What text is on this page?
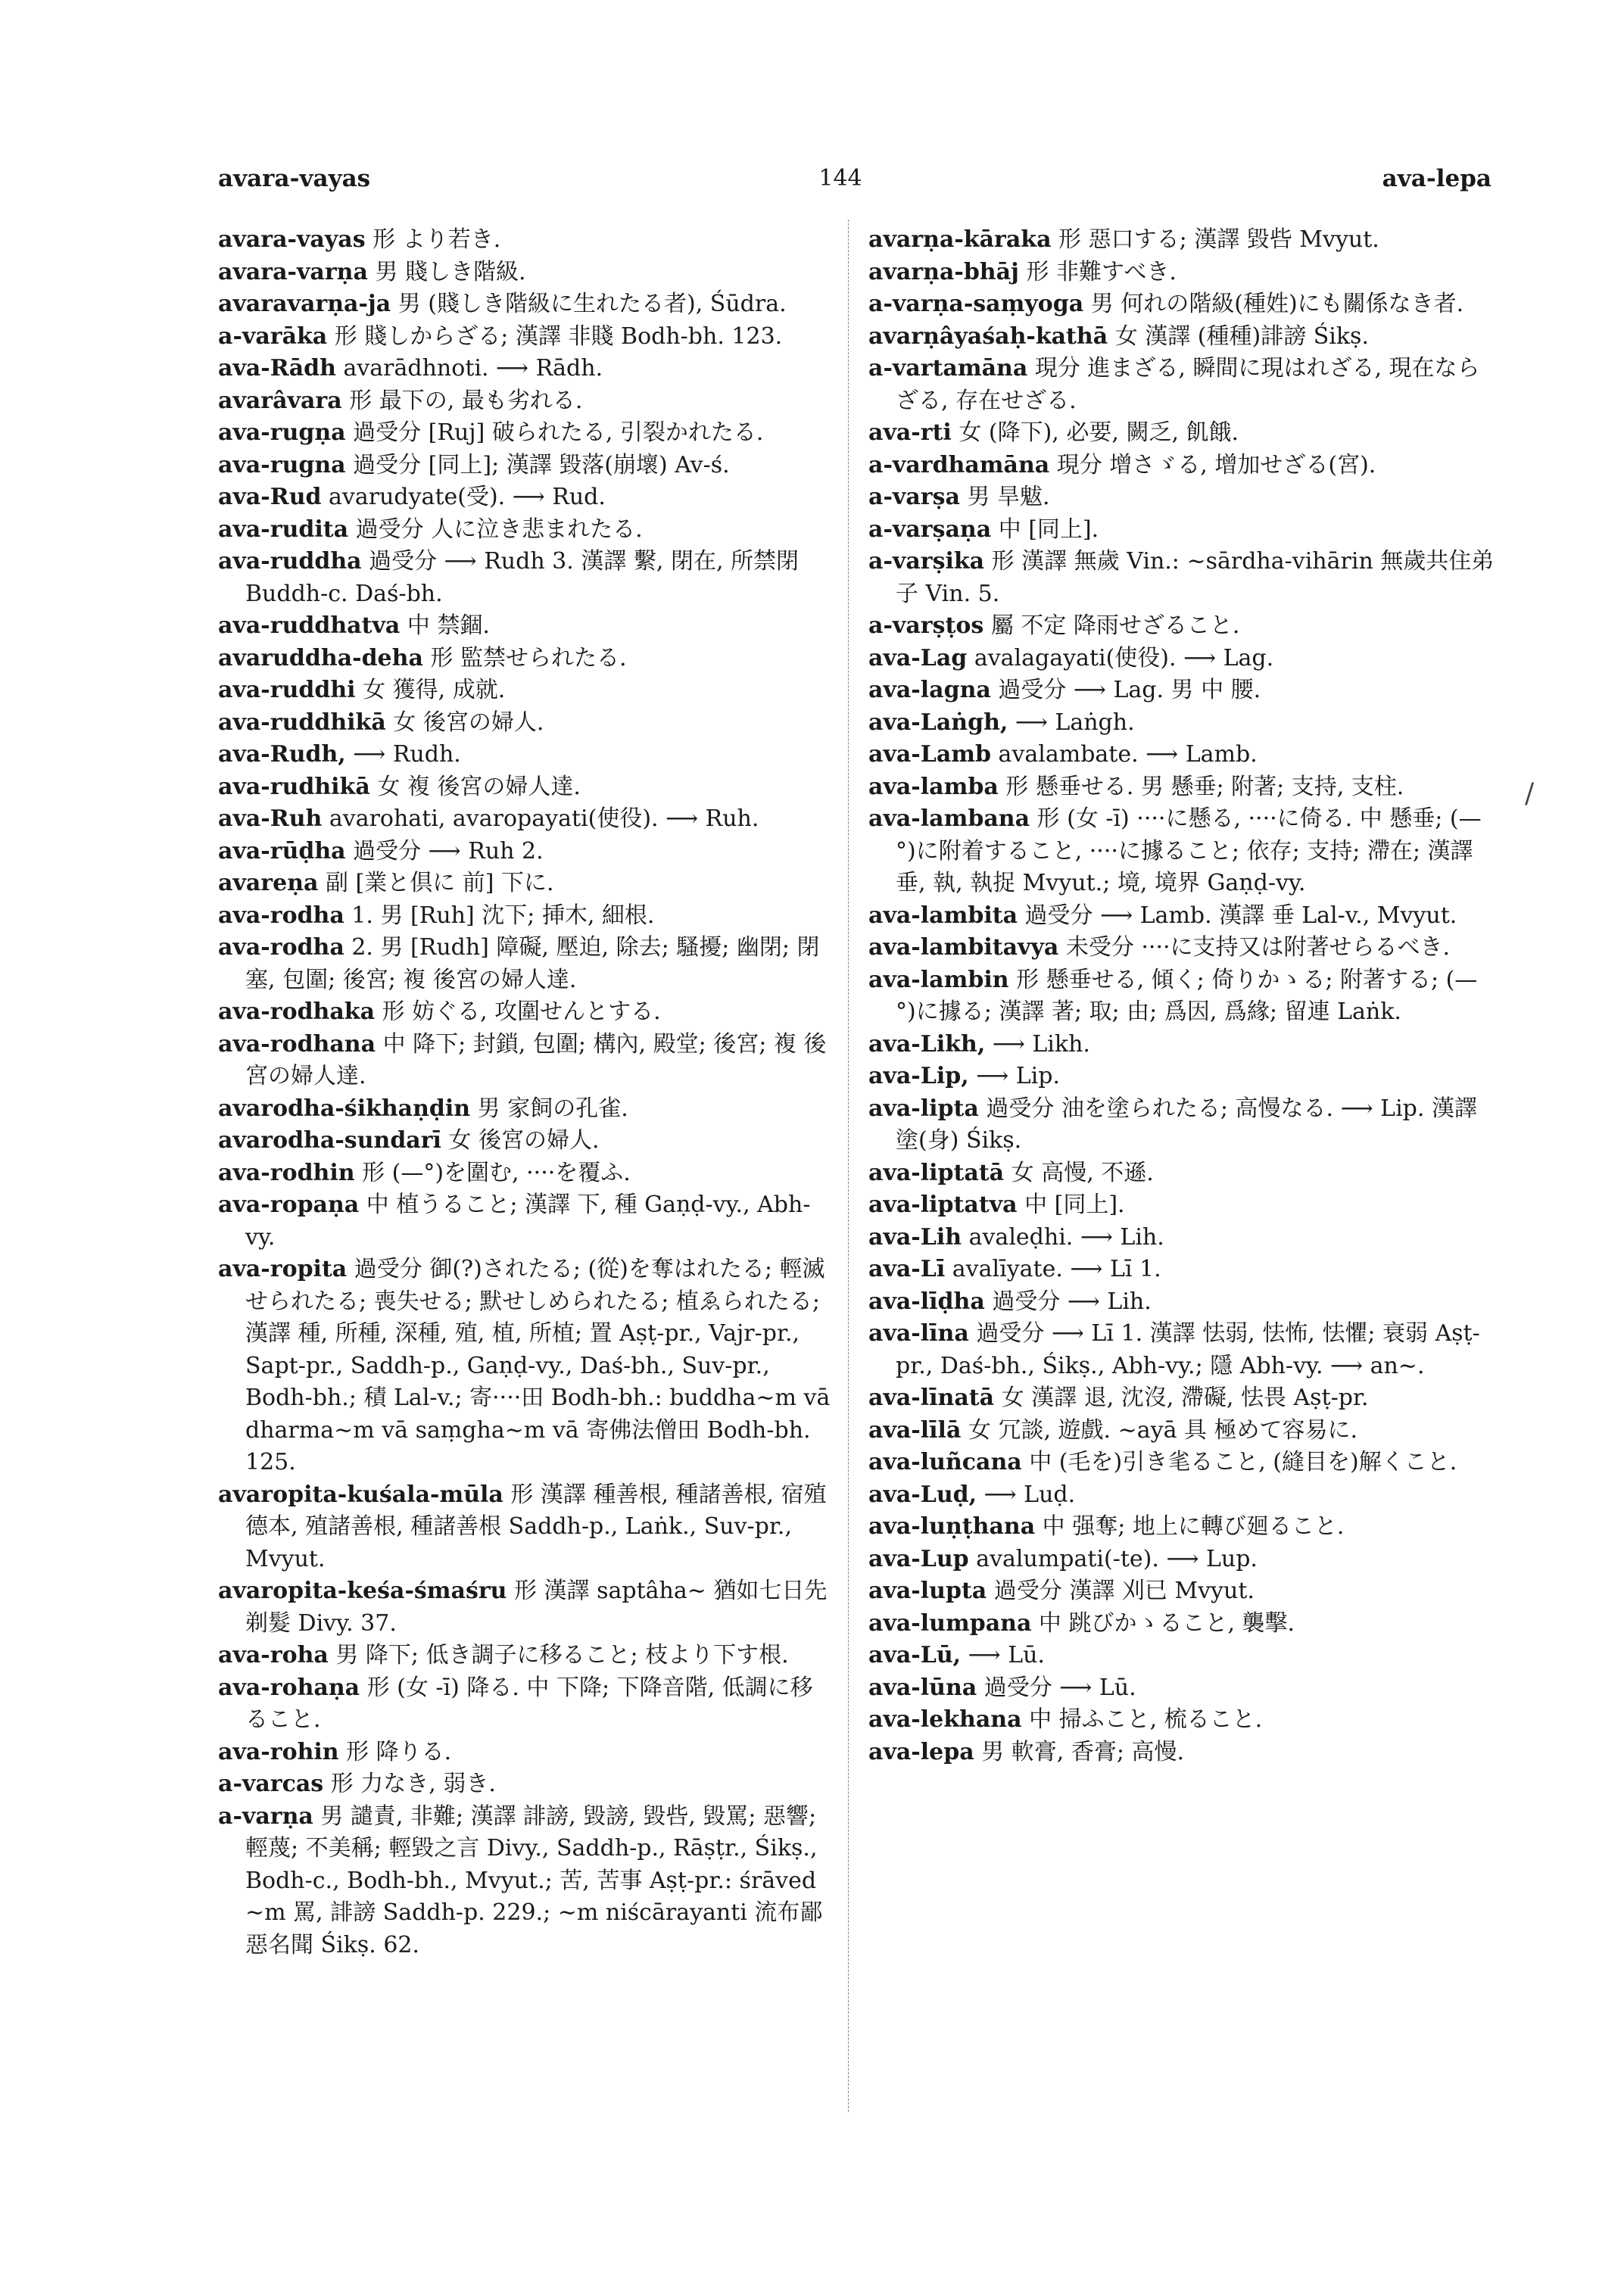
avara-vayas	144	ava-lepa
/

avara-vayas 形 より若き.

avara-varṇa 男 賤しき階級.

avaravarṇa-ja 男 (賤しき階級に生れたる者), Śūdra.

a-varāka 形 賤しからざる; 漢譯 非賤 Bodh-bh. 123.

ava-Rādh avarādhnoti. ⟶ Rādh.

avarâvara 形 最下の, 最も劣れる.

ava-rugṇa 過受分 [Ruj] 破られたる, 引裂かれたる.

ava-rugna 過受分 [同上]; 漢譯 毀落(崩壞) Av-ś.

ava-Rud avarudyate(受). ⟶ Rud.

ava-rudita 過受分 人に泣き悲まれたる.

ava-ruddha 過受分 ⟶ Rudh 3. 漢譯 繫, 閉在, 所禁閉 Buddh-c. Daś-bh.

ava-ruddhatva 中 禁錮.

avaruddha-deha 形 監禁せられたる.

ava-ruddhi 女 獲得, 成就.

ava-ruddhikā 女 後宮の婦人.

ava-Rudh, ⟶ Rudh.

ava-rudhikā 女 複 後宮の婦人達.

ava-Ruh avarohati, avaropayati(使役). ⟶ Ruh.

ava-rūḍha 過受分 ⟶ Ruh 2.

avareṇa 副 [業と倶に 前] 下に.

ava-rodha 1. 男 [Ruh] 沈下; 挿木, 細根.

ava-rodha 2. 男 [Rudh] 障礙, 壓迫, 除去; 騷擾; 幽閉; 閉塞, 包圍; 後宮; 複 後宮の婦人達.

ava-rodhaka 形 妨ぐる, 攻圍せんとする.

ava-rodhana 中 降下; 封鎖, 包圍; 構內, 殿堂; 後宮; 複 後宮の婦人達.

avarodha-śikhaṇḍin 男 家飼の孔雀.

avarodha-sundarī 女 後宮の婦人.

ava-rodhin 形 (—°)を圍む, ····を覆ふ.

ava-ropaṇa 中 植うること; 漢譯 下, 種 Gaṇḍ-vy., Abh-vy.

ava-ropita 過受分 御(?)されたる; (從)を奪はれたる; 輕滅せられたる; 喪失せる; 默せしめられたる; 植ゑられたる; 漢譯 種, 所種, 深種, 殖, 植, 所植; 置 Aṣṭ-pr., Vajr-pr., Sapt-pr., Saddh-p., Gaṇḍ-vy., Daś-bh., Suv-pr., Bodh-bh.; 積 Lal-v.; 寄····田 Bodh-bh.: buddha∼m vā dharma∼m vā saṃgha∼m vā 寄佛法僧田 Bodh-bh. 125.

avaropita-kuśala-mūla 形 漢譯 種善根, 種諸善根, 宿殖德本, 殖諸善根, 種諸善根 Saddh-p., Laṅk., Suv-pr., Mvyut.

avaropita-keśa-śmaśru 形 漢譯 saptâha∼ 猶如七日先剃髮 Divy. 37.

ava-roha 男 降下; 低き調子に移ること; 枝より下す根.

ava-rohaṇa 形 (女 -ī) 降る. 中 下降; 下降音階, 低調に移ること.

ava-rohin 形 降りる.

a-varcas 形 力なき, 弱き.

a-varṇa 男 譴責, 非難; 漢譯 誹謗, 毀謗, 毀呰, 毀罵; 惡響; 輕蔑; 不美稱; 輕毀之言 Divy., Saddh-p., Rāṣṭr., Śikṣ., Bodh-c., Bodh-bh., Mvyut.; 苦, 苦事 Aṣṭ-pr.: śrāved ∼m 罵, 誹謗 Saddh-p. 229.; ∼m niścārayanti 流布鄙惡名聞 Śikṣ. 62.

avarṇa-kāraka 形 惡口する; 漢譯 毀呰 Mvyut.

avarṇa-bhāj 形 非難すべき.

a-varṇa-saṃyoga 男 何れの階級(種姓)にも關係なき者.

avarṇâyaśaḥ-kathā 女 漢譯 (種種)誹謗 Śikṣ.

a-vartamāna 現分 進まざる, 瞬間に現はれざる, 現在ならざる, 存在せざる.

ava-rti 女 (降下), 必要, 闕乏, 飢餓.

a-vardhamāna 現分 增さゞる, 增加せざる(宮).

a-varṣa 男 旱魃.

a-varṣaṇa 中 [同上].

a-varṣika 形 漢譯 無歲 Vin.: ∼sārdha-vihārin 無歲共住弟子 Vin. 5.

a-varṣṭos 屬 不定 降雨せざること.

ava-Lag avalagayati(使役). ⟶ Lag.

ava-lagna 過受分 ⟶ Lag. 男 中 腰.

ava-Laṅgh, ⟶ Laṅgh.

ava-Lamb avalambate. ⟶ Lamb.

ava-lamba 形 懸垂せる. 男 懸垂; 附著; 支持, 支柱.

ava-lambana 形 (女 -ī) ····に懸る, ····に倚る. 中 懸垂; (—°)に附着すること, ····に據ること; 依存; 支持; 滯在; 漢譯 垂, 執, 執捉 Mvyut.; 境, 境界 Gaṇḍ-vy.

ava-lambita 過受分 ⟶ Lamb. 漢譯 垂 Lal-v., Mvyut.

ava-lambitavya 未受分 ····に支持又は附著せらるべき.

ava-lambin 形 懸垂せる, 傾く; 倚りかゝる; 附著する; (—°)に據る; 漢譯 著; 取; 由; 爲因, 爲緣; 留連 Laṅk.

ava-Likh, ⟶ Likh.

ava-Lip, ⟶ Lip.

ava-lipta 過受分 油を塗られたる; 高慢なる. ⟶ Lip. 漢譯 塗(身) Śikṣ.

ava-liptatā 女 高慢, 不遜.

ava-liptatva 中 [同上].

ava-Lih avaleḍhi. ⟶ Lih.

ava-Lī avalīyate. ⟶ Lī 1.

ava-līḍha 過受分 ⟶ Lih.

ava-līna 過受分 ⟶ Lī 1. 漢譯 怯弱, 怯怖, 怯懼; 衰弱 Aṣṭ-pr., Daś-bh., Śikṣ., Abh-vy.; 隱 Abh-vy. ⟶ an∼.

ava-līnatā 女 漢譯 退, 沈沒, 滯礙, 怯畏 Aṣṭ-pr.

ava-līlā 女 冗談, 遊戲. ∼ayā 具 極めて容易に.

ava-luñcana 中 (毛を)引き毟ること, (縫目を)解くこと.

ava-Luḍ, ⟶ Luḍ.

ava-luṇṭhana 中 强奪; 地上に轉び廻ること.

ava-Lup avalumpati(-te). ⟶ Lup.

ava-lupta 過受分 漢譯 刈已 Mvyut.

ava-lumpana 中 跳びかゝること, 襲擊.

ava-Lū, ⟶ Lū.

ava-lūna 過受分 ⟶ Lū.

ava-lekhana 中 掃ふこと, 梳ること.

ava-lepa 男 軟膏, 香膏; 高慢.
